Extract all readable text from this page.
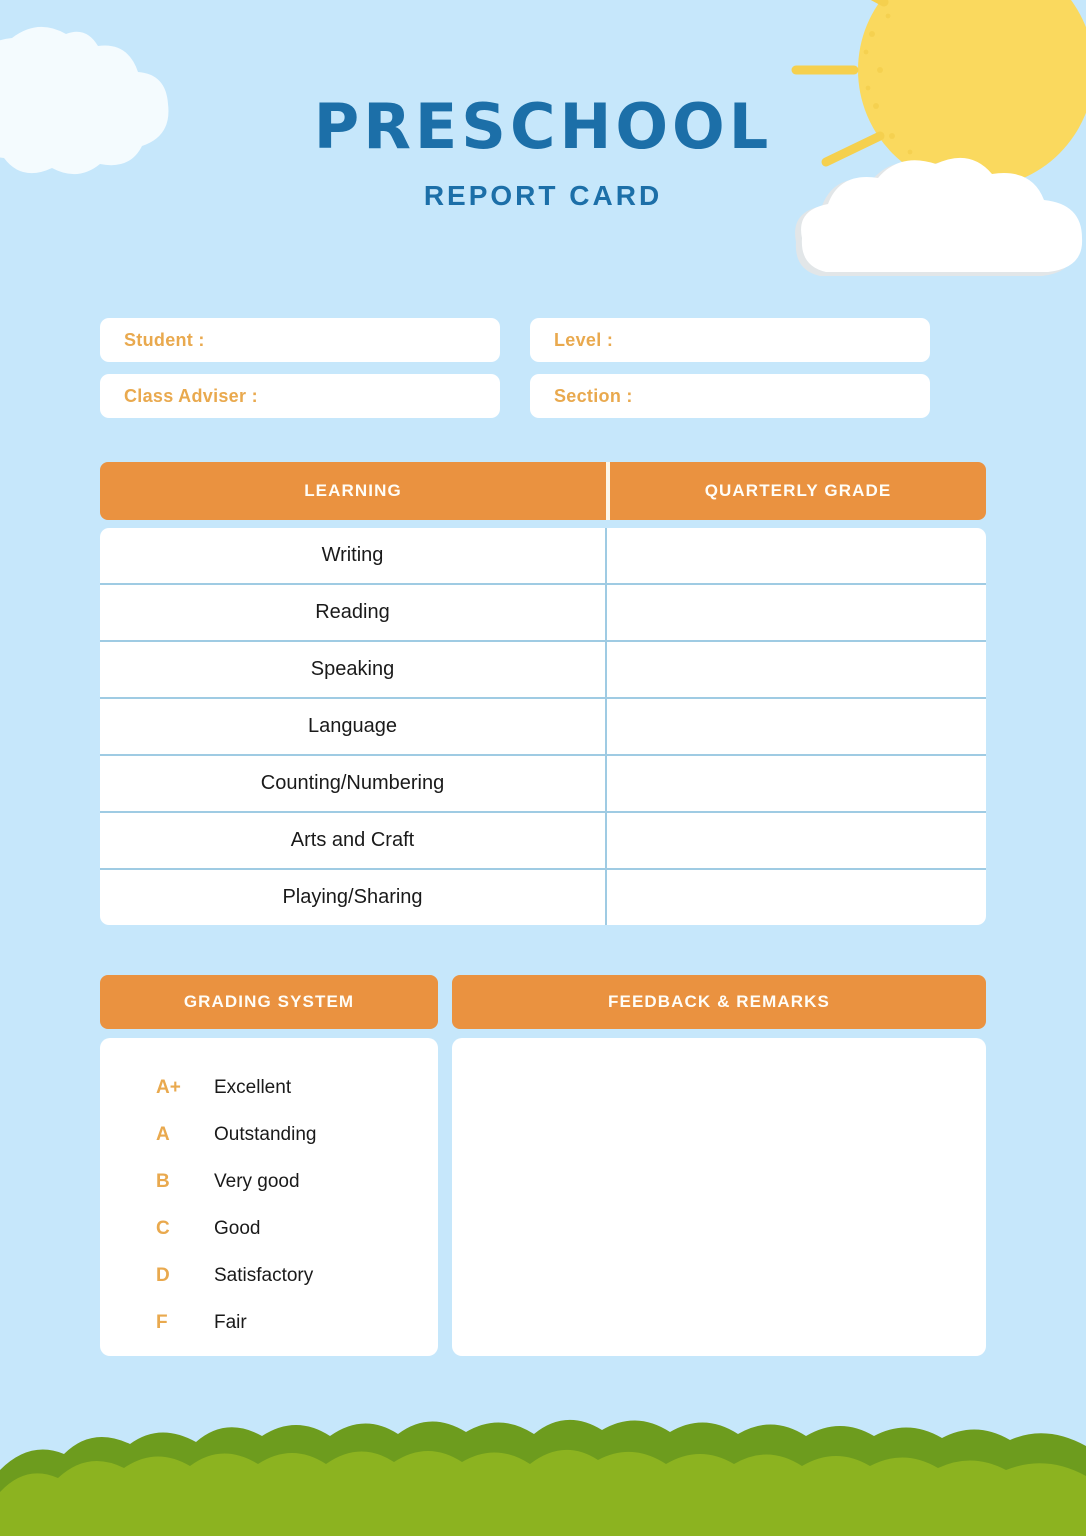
PRESCHOOL
REPORT CARD
Student :	Level :
Class Adviser :	Section :
LEARNING	QUARTERLY GRADE
Writing
Reading
Speaking
Language
Counting/Numbering
Arts and Craft
Playing/Sharing
GRADING SYSTEM
A+	Excellent
A	Outstanding
B	Very good
C	Good
D	Satisfactory
F	Fair
FEEDBACK & REMARKS
